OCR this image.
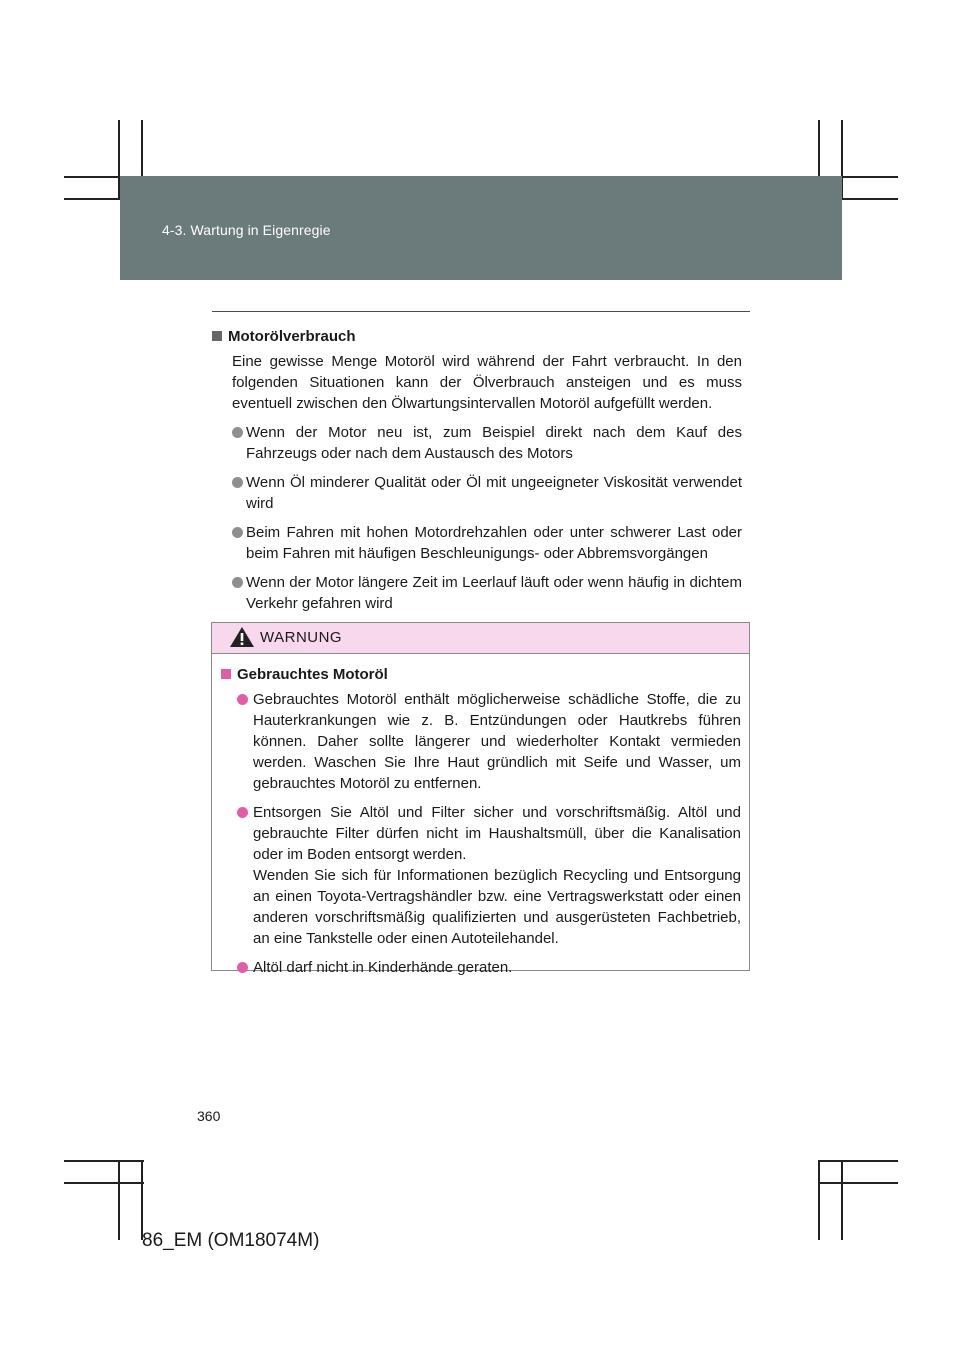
4-3. Wartung in Eigenregie
Motorölverbrauch
Eine gewisse Menge Motoröl wird während der Fahrt verbraucht. In den folgenden Situationen kann der Ölverbrauch ansteigen und es muss eventuell zwischen den Ölwartungsintervallen Motoröl aufgefüllt werden.
Wenn der Motor neu ist, zum Beispiel direkt nach dem Kauf des Fahrzeugs oder nach dem Austausch des Motors
Wenn Öl minderer Qualität oder Öl mit ungeeigneter Viskosität verwendet wird
Beim Fahren mit hohen Motordrehzahlen oder unter schwerer Last oder beim Fahren mit häufigen Beschleunigungs- oder Abbremsvorgängen
Wenn der Motor längere Zeit im Leerlauf läuft oder wenn häufig in dichtem Verkehr gefahren wird
WARNUNG
Gebrauchtes Motoröl
Gebrauchtes Motoröl enthält möglicherweise schädliche Stoffe, die zu Hauterkrankungen wie z. B. Entzündungen oder Hautkrebs führen können. Daher sollte längerer und wiederholter Kontakt vermieden werden. Waschen Sie Ihre Haut gründlich mit Seife und Wasser, um gebrauchtes Motoröl zu entfernen.
Entsorgen Sie Altöl und Filter sicher und vorschriftsmäßig. Altöl und gebrauchte Filter dürfen nicht im Haushaltsmüll, über die Kanalisation oder im Boden entsorgt werden.
Wenden Sie sich für Informationen bezüglich Recycling und Entsorgung an einen Toyota-Vertragshändler bzw. eine Vertragswerkstatt oder einen anderen vorschriftsmäßig qualifizierten und ausgerüsteten Fachbetrieb, an eine Tankstelle oder einen Autoteilehandel.
Altöl darf nicht in Kinderhände geraten.
360
86_EM (OM18074M)
